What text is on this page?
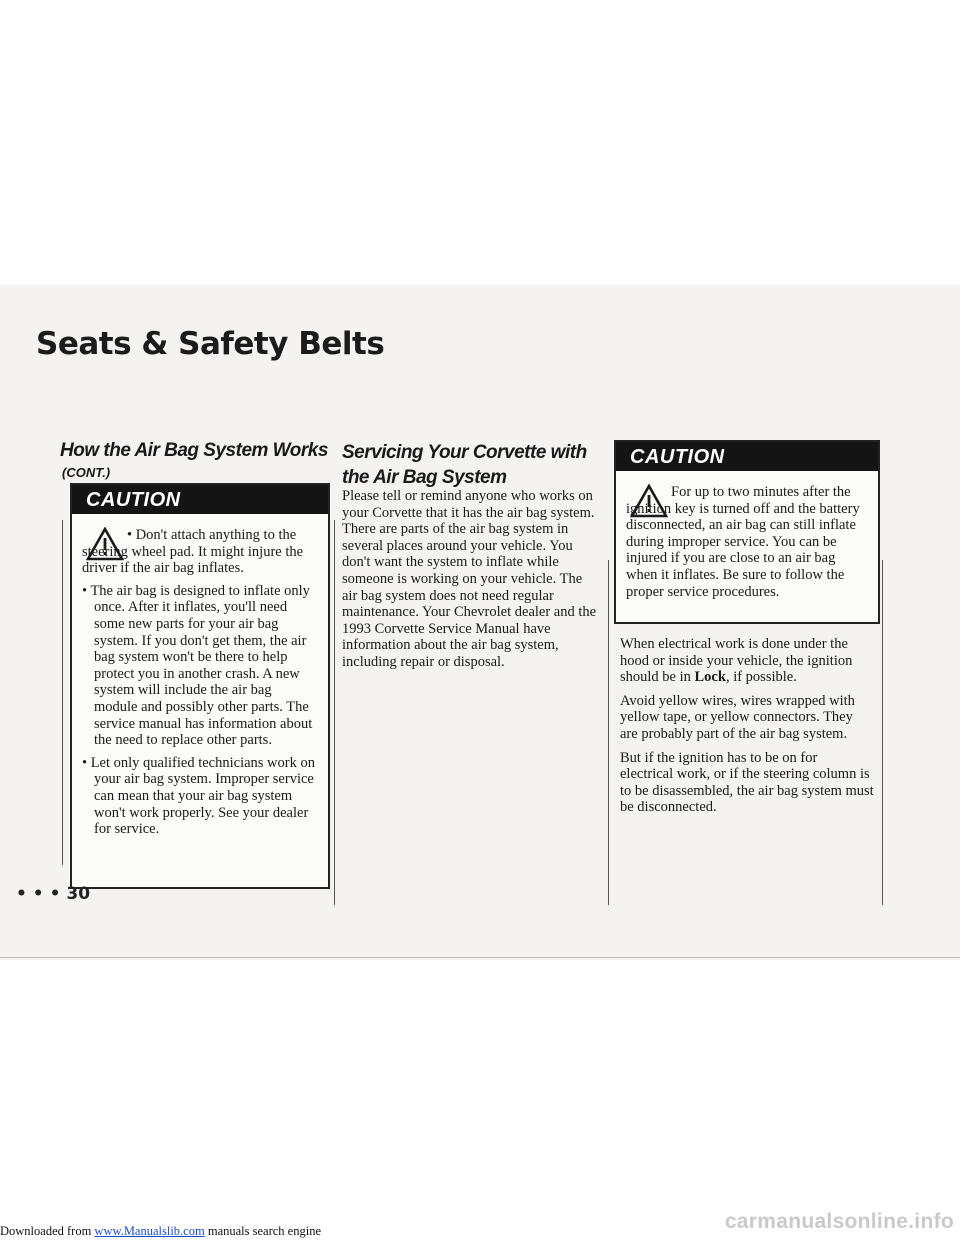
Seats & Safety Belts
How the Air Bag System Works
(CONT.)
CAUTION

• Don't attach anything to the steering wheel pad. It might injure the driver if the air bag inflates.

• The air bag is designed to inflate only once. After it inflates, you'll need some new parts for your air bag system. If you don't get them, the air bag system won't be there to help protect you in another crash. A new system will include the air bag module and possibly other parts. The service manual has information about the need to replace other parts.

• Let only qualified technicians work on your air bag system. Improper service can mean that your air bag system won't work properly. See your dealer for service.

Servicing Your Corvette with the Air Bag System
Please tell or remind anyone who works on your Corvette that it has the air bag system. There are parts of the air bag system in several places around your vehicle. You don't want the system to inflate while someone is working on your vehicle. The air bag system does not need regular maintenance. Your Chevrolet dealer and the 1993 Corvette Service Manual have information about the air bag system, including repair or disposal.
CAUTION
For up to two minutes after the ignition key is turned off and the battery disconnected, an air bag can still inflate during improper service. You can be injured if you are close to an air bag when it inflates. Be sure to follow the proper service procedures.

When electrical work is done under the hood or inside your vehicle, the ignition should be in Lock, if possible.

Avoid yellow wires, wires wrapped with yellow tape, or yellow connectors. They are probably part of the air bag system.

But if the ignition has to be on for electrical work, or if the steering column is to be disassembled, the air bag system must be disconnected.

• • • 30
Downloaded from www.Manualslib.com manuals search engine	carmanualsonline.info
